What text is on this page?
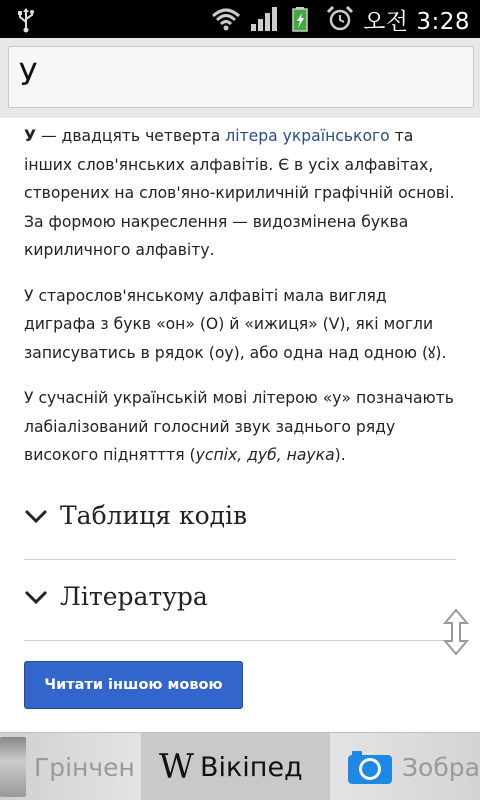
오전 3:28
У

У — двадцять четверта літера українського та інших слов'янських алфавітів. Є в усіх алфавітах, створених на слов'яно-кириличній графічній основі. За формою накреслення — видозмінена буква кириличного алфавіту.

У старослов'янському алфавіті мала вигляд диграфа з букв «он» (О) й «ижиця» (V), які могли записуватись в рядок (оу), або одна над одною (ꙋ).

У сучасній українській мові літерою «у» позначають лабіалізований голосний звук заднього ряду високого піднятття (успіх, дуб, наука).

Таблиця кодів
Література
Читати іншою мовою
Грінчен W Вікіпед	Зобра
